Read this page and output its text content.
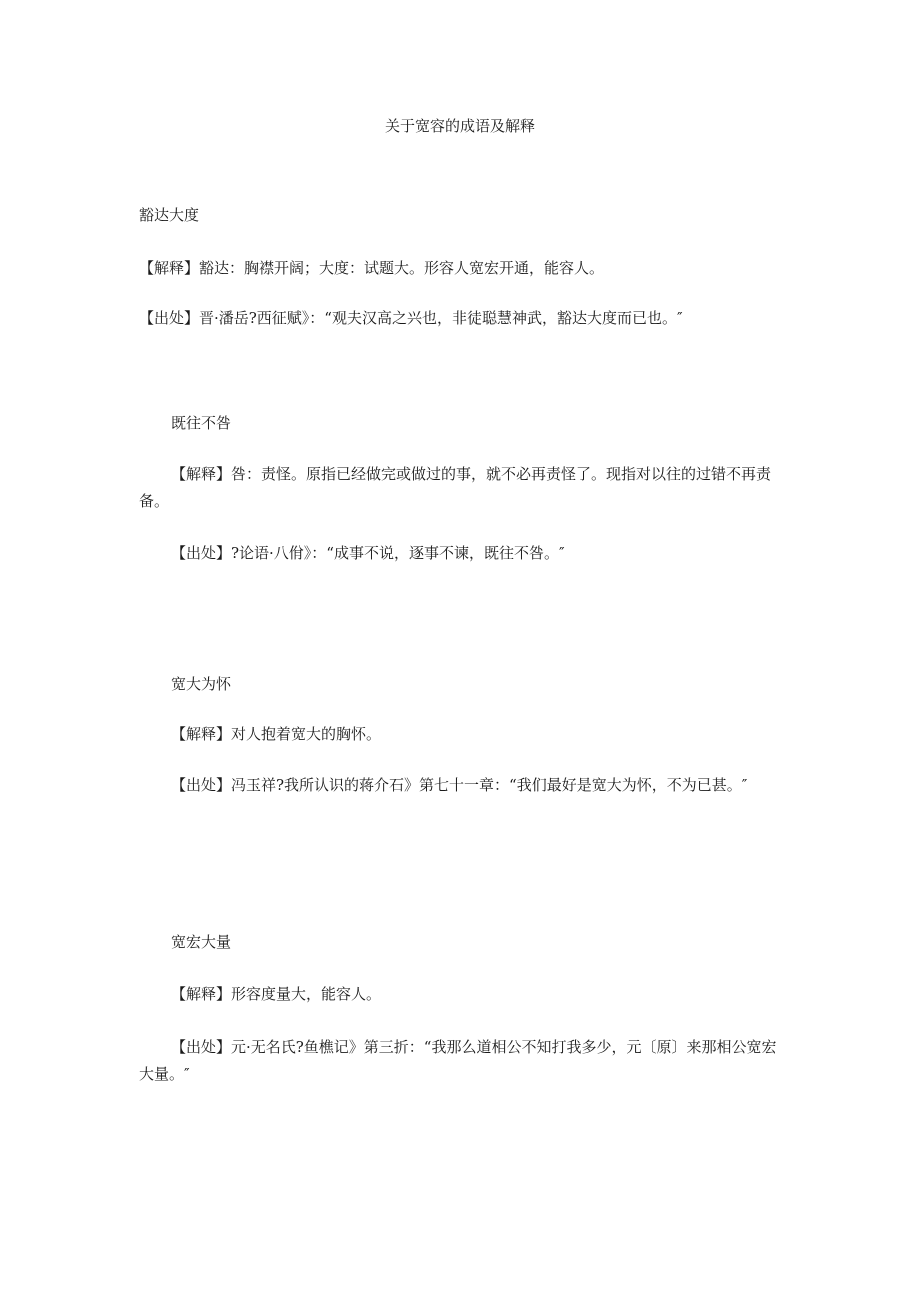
关于宽容的成语及解释

豁达大度

【解释】豁达：胸襟开阔；大度：试题大。形容人宽宏开通，能容人。

【出处】晋·潘岳?西征赋》：“观夫汉高之兴也，非徒聪慧神武，豁达大度而已也。″

既往不咎

【解释】咎：责怪。原指已经做完或做过的事，就不必再责怪了。现指对以往的过错不再责备。

【出处】?论语·八佾》：“成事不说，逐事不谏，既往不咎。″

宽大为怀

【解释】对人抱着宽大的胸怀。

【出处】冯玉祥?我所认识的蒋介石》第七十一章：“我们最好是宽大为怀，不为已甚。″

宽宏大量

【解释】形容度量大，能容人。

【出处】元·无名氏?鱼樵记》第三折：“我那么道相公不知打我多少，元〔原〕来那相公宽宏大量。″
